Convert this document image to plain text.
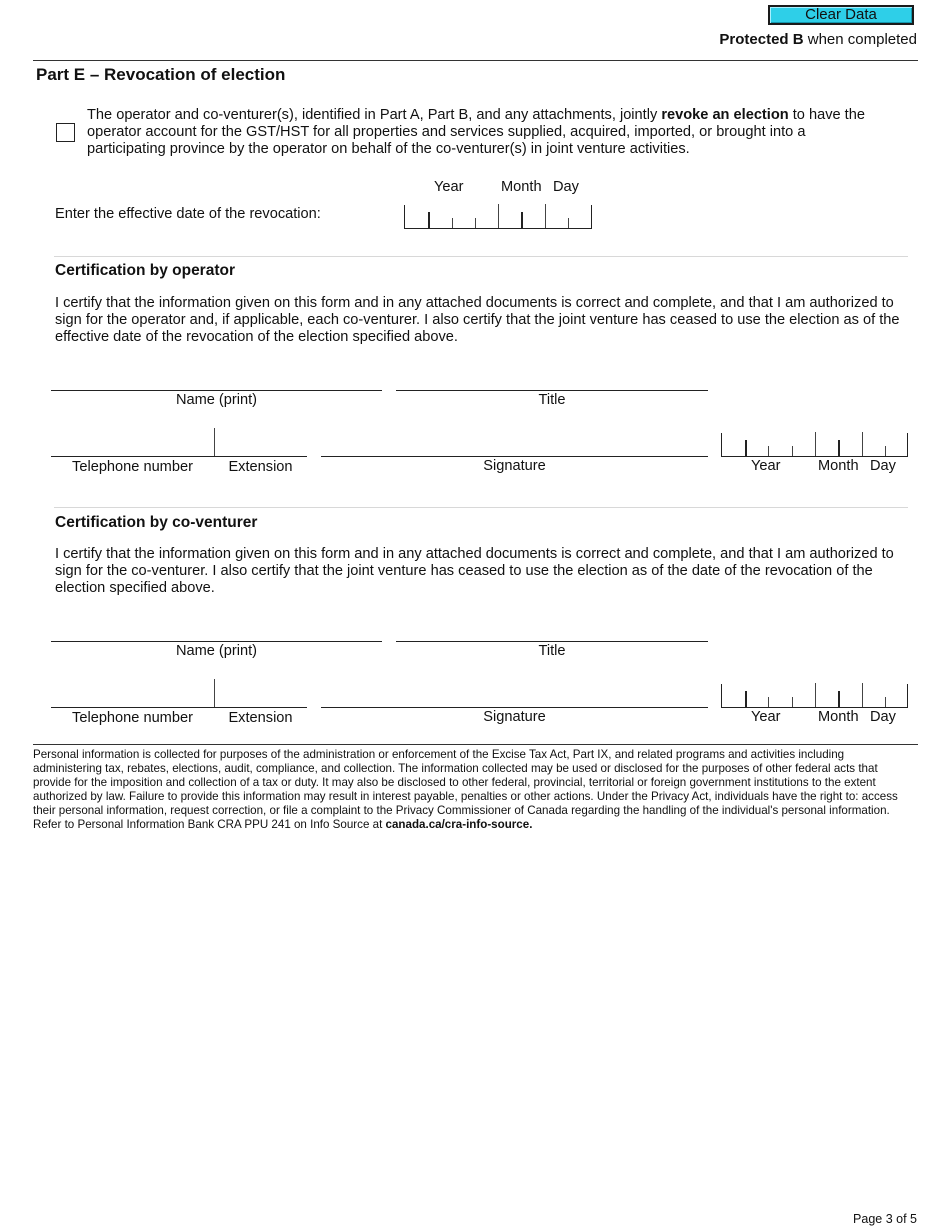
Clear Data
Protected B when completed
Part E – Revocation of election
The operator and co-venturer(s), identified in Part A, Part B, and any attachments, jointly revoke an election to have the operator account for the GST/HST for all properties and services supplied, acquired, imported, or brought into a participating province by the operator on behalf of the co-venturer(s) in joint venture activities.
Year	Month Day
Enter the effective date of the revocation:
Certification by operator
I certify that the information given on this form and in any attached documents is correct and complete, and that I am authorized to sign for the operator and, if applicable, each co-venturer. I also certify that the joint venture has ceased to use the election as of the effective date of the revocation of the election specified above.
Name (print)	Title
Telephone number	Extension	Signature	Year	Month Day
Certification by co-venturer
I certify that the information given on this form and in any attached documents is correct and complete, and that I am authorized to sign for the co-venturer. I also certify that the joint venture has ceased to use the election as of the date of the revocation of the election specified above.
Name (print)	Title
Telephone number	Extension	Signature	Year	Month Day
Personal information is collected for purposes of the administration or enforcement of the Excise Tax Act, Part IX, and related programs and activities including administering tax, rebates, elections, audit, compliance, and collection. The information collected may be used or disclosed for the purposes of other federal acts that provide for the imposition and collection of a tax or duty. It may also be disclosed to other federal, provincial, territorial or foreign government institutions to the extent authorized by law. Failure to provide this information may result in interest payable, penalties or other actions. Under the Privacy Act, individuals have the right to: access their personal information, request correction, or file a complaint to the Privacy Commissioner of Canada regarding the handling of the individual's personal information. Refer to Personal Information Bank CRA PPU 241 on Info Source at canada.ca/cra-info-source.
Page 3 of 5
